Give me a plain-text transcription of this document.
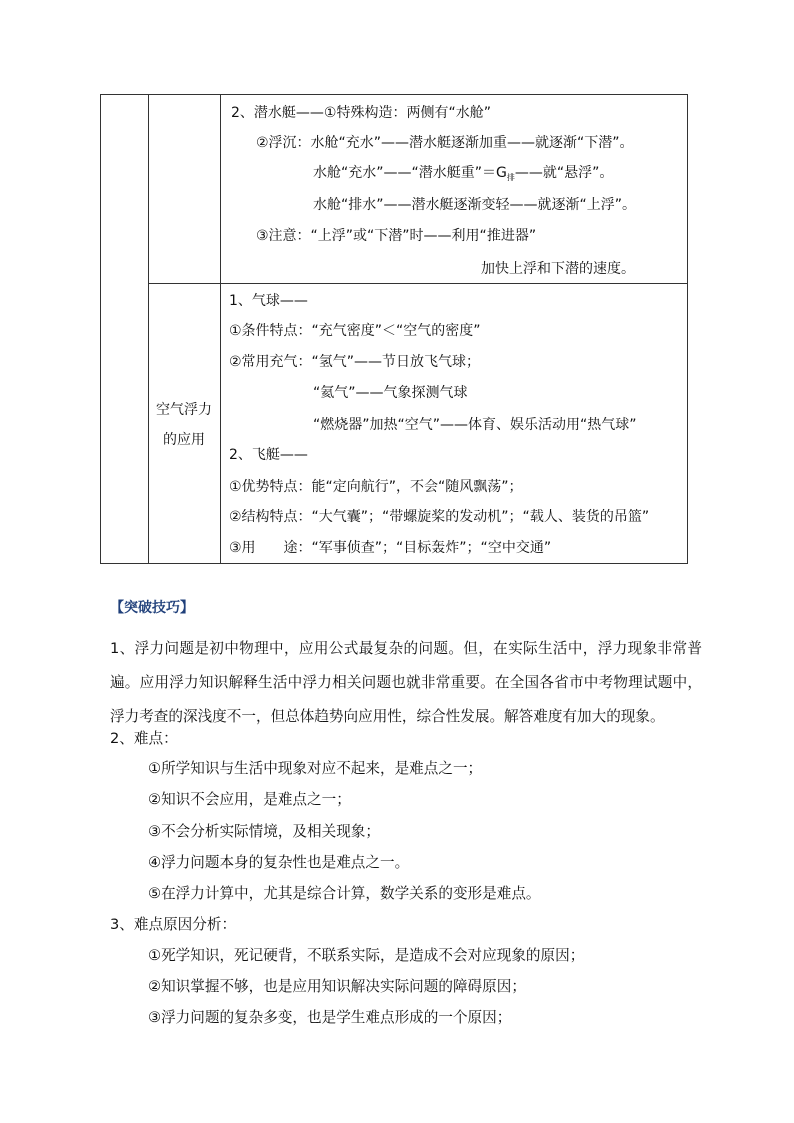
2、潜水艇——①特殊构造：两侧有“水舱”
②浮沉：水舱“充水”——潜水艇逐渐加重——就逐渐“下潜”。
水舱“充水”——“潜水艇重$”=G_排——$就“悬浮”。
水舱“排水”——潜水艇逐渐变轻——就逐渐“上浮”。
③注意：“上浮”或“下潜”时——利用“推进器”
加快上浮和下潜的速度。
空气浮力
的应用
1、气球——
①条件特点：“充气密度”＜“空气的密度”
②常用充气：“氢气”——节日放飞气球；
“氦气”——气象探测气球
“燃烧器”加热“空气”——体育、娱乐活动用“热气球”
2、飞艇——
①优势特点：能“定向航行”，不会“随风飘荡”；
②结构特点：“大气囊”；“带螺旋桨的发动机”；“载人、装货的吊篮”
③用　　途：“军事侦查”；“目标轰炸”；“空中交通”
【突破技巧】
1、浮力问题是初中物理中，应用公式最复杂的问题。但，在实际生活中，浮力现象非常普遍。应用浮力知识解释生活中浮力相关问题也就非常重要。在全国各省市中考物理试题中，浮力考查的深浅度不一，但总体趋势向应用性，综合性发展。解答难度有加大的现象。
2、难点：
①所学知识与生活中现象对应不起来，是难点之一；
②知识不会应用，是难点之一；
③不会分析实际情境，及相关现象；
④浮力问题本身的复杂性也是难点之一。
⑤在浮力计算中，尤其是综合计算，数学关系的变形是难点。
3、难点原因分析：
①死学知识，死记硬背，不联系实际，是造成不会对应现象的原因；
②知识掌握不够，也是应用知识解决实际问题的障碍原因；
③浮力问题的复杂多变，也是学生难点形成的一个原因；
